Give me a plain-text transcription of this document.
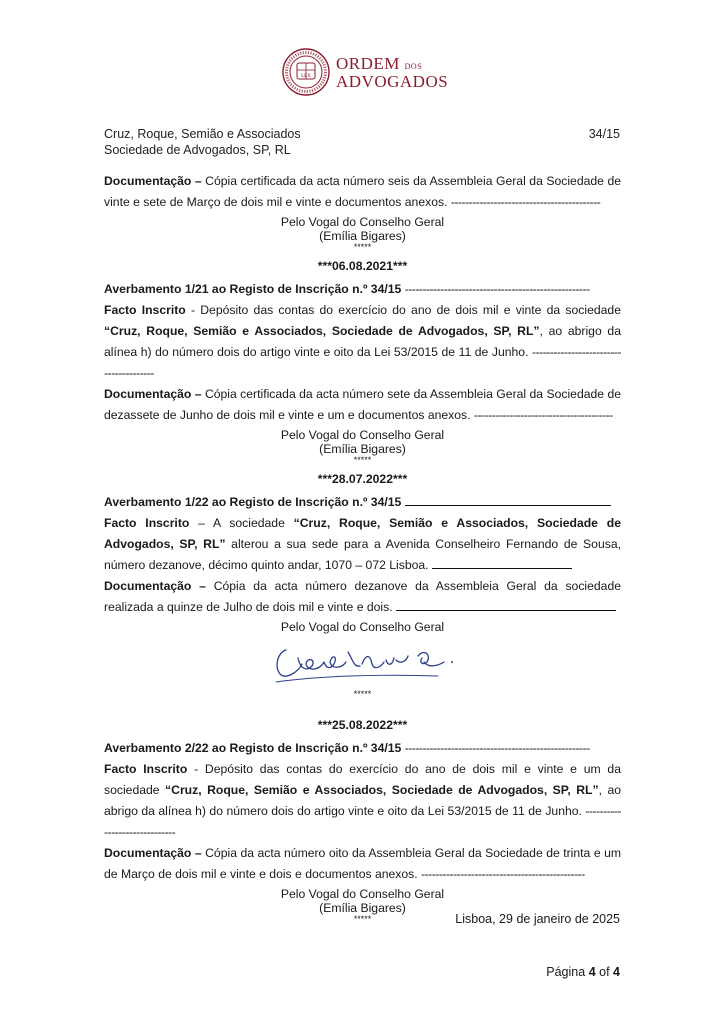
LEX
ORDEM DOS
ADVOGADOS
Cruz, Roque, Semião e Associados
Sociedade de Advogados, SP, RL
34/15

Documentação – Cópia certificada da acta número seis da Assembleia Geral da Sociedade de vinte e sete de Março de dois mil e vinte e documentos anexos. ------------------------------------------

Pelo Vogal do Conselho Geral
(Emília Bigares)
*****
***06.08.2021***

Averbamento 1/21 ao Registo de Inscrição n.º 34/15 ----------------------------------------------------

Facto Inscrito - Depósito das contas do exercício do ano de dois mil e vinte da sociedade “Cruz, Roque, Semião e Associados, Sociedade de Advogados, SP, RL”, ao abrigo da alínea h) do número dois do artigo vinte e oito da Lei 53/2015 de 11 de Junho. ---------------------------------------

Documentação – Cópia certificada da acta número sete da Assembleia Geral da Sociedade de dezassete de Junho de dois mil e vinte e um e documentos anexos. ---------------------------------------

Pelo Vogal do Conselho Geral
(Emília Bigares)
*****
***28.07.2022***

Averbamento 1/22 ao Registo de Inscrição n.º 34/15

Facto Inscrito – A sociedade “Cruz, Roque, Semião e Associados, Sociedade de Advogados, SP, RL” alterou a sua sede para a Avenida Conselheiro Fernando de Sousa, número dezanove, décimo quinto andar, 1070 – 072 Lisboa.

Documentação – Cópia da acta número dezanove da Assembleia Geral da sociedade realizada a quinze de Julho de dois mil e vinte e dois.

Pelo Vogal do Conselho Geral
*****
***25.08.2022***

Averbamento 2/22 ao Registo de Inscrição n.º 34/15 ----------------------------------------------------

Facto Inscrito - Depósito das contas do exercício do ano de dois mil e vinte e um da sociedade “Cruz, Roque, Semião e Associados, Sociedade de Advogados, SP, RL”, ao abrigo da alínea h) do número dois do artigo vinte e oito da Lei 53/2015 de 11 de Junho. ------------------------------

Documentação – Cópia da acta número oito da Assembleia Geral da Sociedade de trinta e um de Março de dois mil e vinte e dois e documentos anexos. ----------------------------------------------

Pelo Vogal do Conselho Geral
(Emília Bigares)
*****	Lisboa, 29 de janeiro de 2025
Página 4 of 4
